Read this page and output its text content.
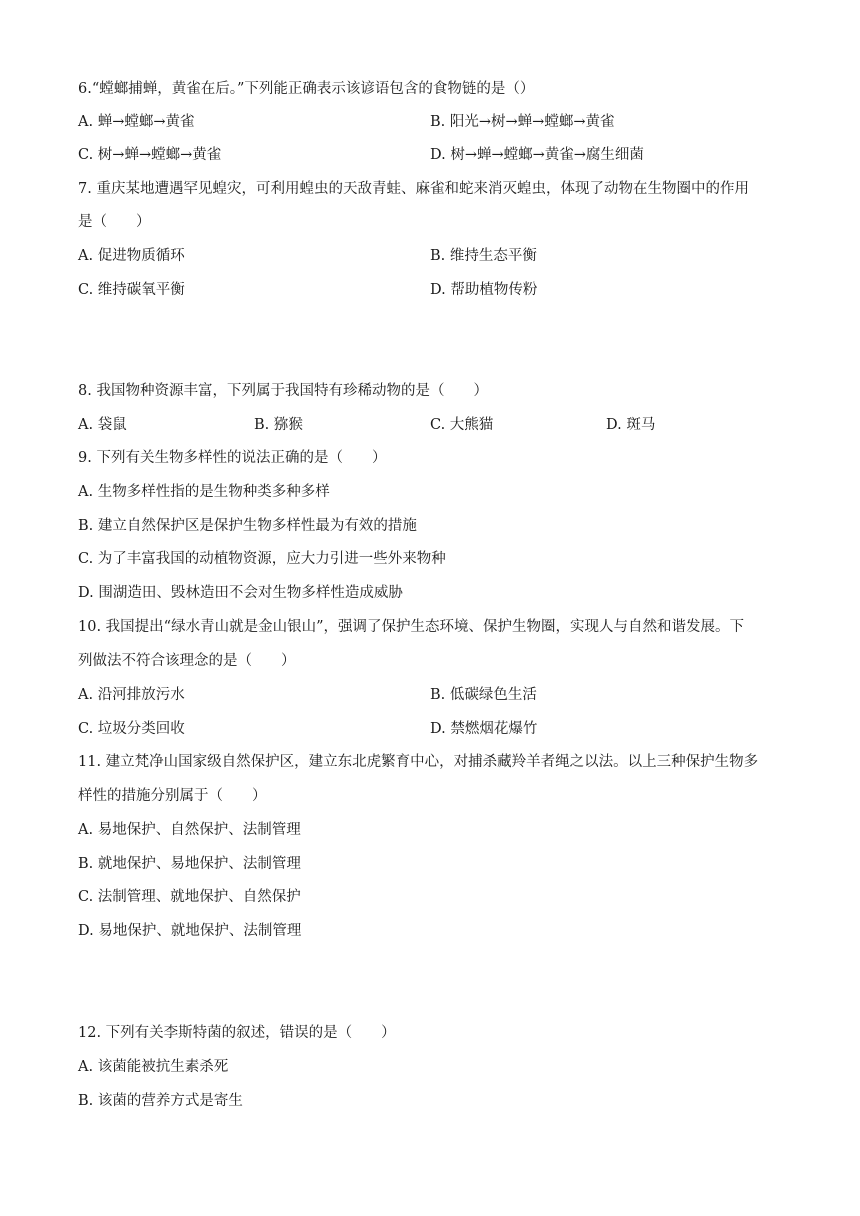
6.“螳螂捕蝉，黄雀在后。”下列能正确表示该谚语包含的食物链的是（）
A. 蝉→螳螂→黄雀	B. 阳光→树→蝉→螳螂→黄雀
C. 树→蝉→螳螂→黄雀	D. 树→蝉→螳螂→黄雀→腐生细菌
7. 重庆某地遭遇罕见蝗灾，可利用蝗虫的天敌青蛙、麻雀和蛇来消灭蝗虫，体现了动物在生物圈中的作用
是（　　）
A. 促进物质循环	B. 维持生态平衡
C. 维持碳氧平衡	D. 帮助植物传粉
8. 我国物种资源丰富，下列属于我国特有珍稀动物的是（　　）
A. 袋鼠	B. 猕猴	C. 大熊猫	D. 斑马
9. 下列有关生物多样性的说法正确的是（　　）
A. 生物多样性指的是生物种类多种多样
B. 建立自然保护区是保护生物多样性最为有效的措施
C. 为了丰富我国的动植物资源，应大力引进一些外来物种
D. 围湖造田、毁林造田不会对生物多样性造成威胁
10. 我国提出“绿水青山就是金山银山”，强调了保护生态环境、保护生物圈，实现人与自然和谐发展。下
列做法不符合该理念的是（　　）
A. 沿河排放污水	B. 低碳绿色生活
C. 垃圾分类回收	D. 禁燃烟花爆竹
11. 建立梵净山国家级自然保护区，建立东北虎繁育中心，对捕杀藏羚羊者绳之以法。以上三种保护生物多
样性的措施分别属于（　　）
A. 易地保护、自然保护、法制管理
B. 就地保护、易地保护、法制管理
C. 法制管理、就地保护、自然保护
D. 易地保护、就地保护、法制管理
12. 下列有关李斯特菌的叙述，错误的是（　　）
A. 该菌能被抗生素杀死
B. 该菌的营养方式是寄生
